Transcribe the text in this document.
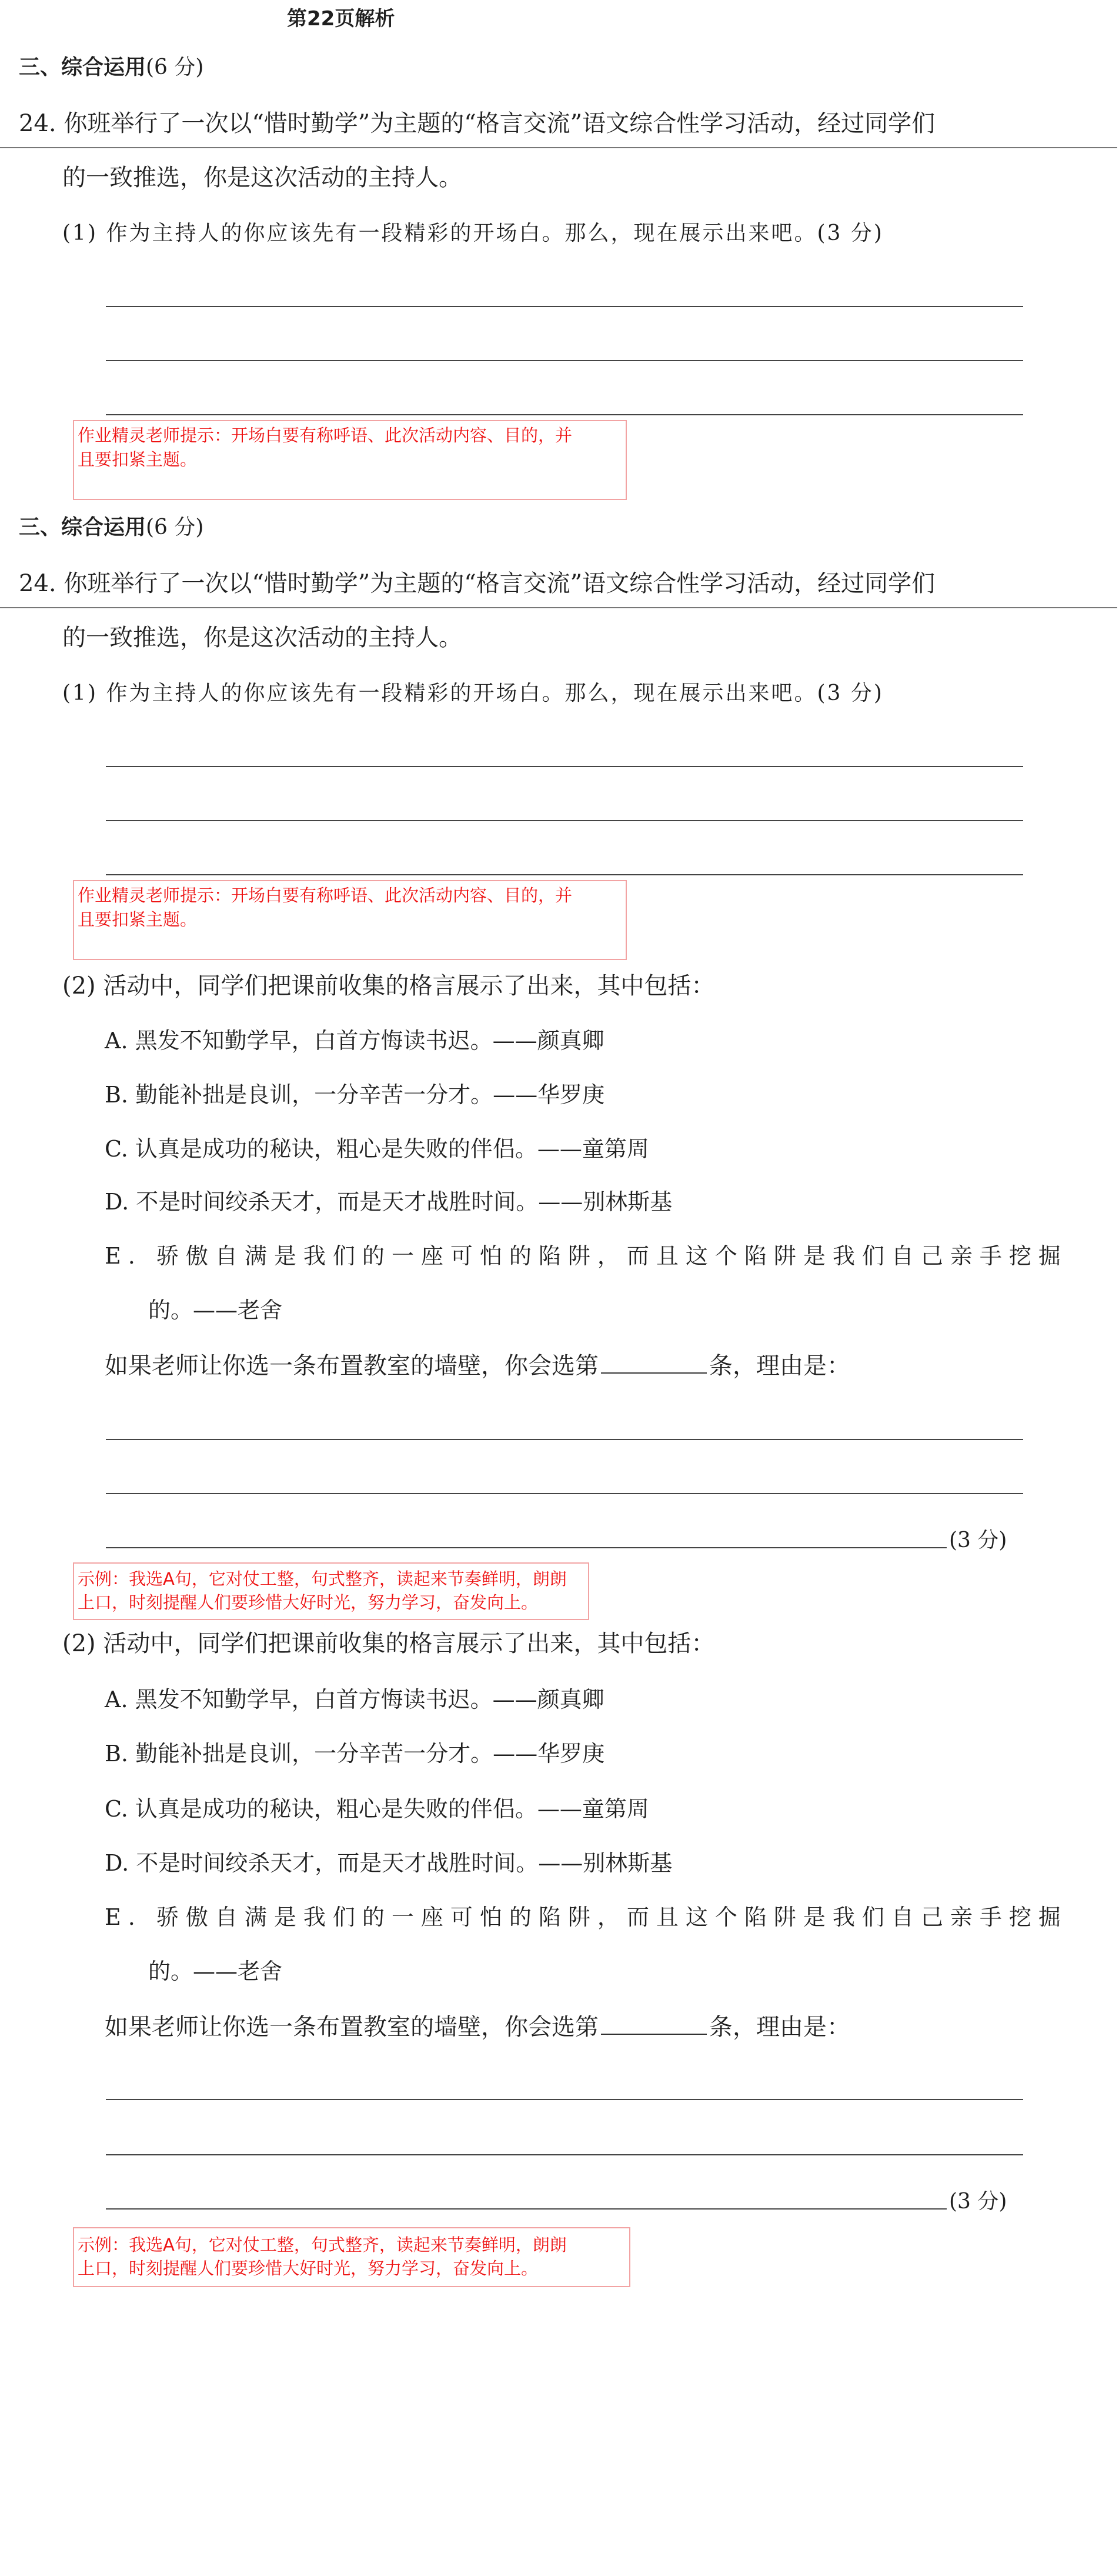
第22页解析
三、综合运用(6 分)
24. 你班举行了一次以“惜时勤学”为主题的“格言交流”语文综合性学习活动，经过同学们
的一致推选，你是这次活动的主持人。
(1) 作为主持人的你应该先有一段精彩的开场白。那么，现在展示出来吧。(3 分)
作业精灵老师提示：开场白要有称呼语、此次活动内容、目的，并
且要扣紧主题。
三、综合运用(6 分)
24. 你班举行了一次以“惜时勤学”为主题的“格言交流”语文综合性学习活动，经过同学们
的一致推选，你是这次活动的主持人。
(1) 作为主持人的你应该先有一段精彩的开场白。那么，现在展示出来吧。(3 分)
作业精灵老师提示：开场白要有称呼语、此次活动内容、目的，并
且要扣紧主题。
(2) 活动中，同学们把课前收集的格言展示了出来，其中包括：
A. 黑发不知勤学早，白首方悔读书迟。——颜真卿
B. 勤能补拙是良训，一分辛苦一分才。——华罗庚
C. 认真是成功的秘诀，粗心是失败的伴侣。——童第周
D. 不是时间绞杀天才，而是天才战胜时间。——别林斯基
E. 骄傲自满是我们的一座可怕的陷阱，而且这个陷阱是我们自己亲手挖掘
的。——老舍
如果老师让你选一条布置教室的墙壁，你会选第	条，理由是：
(3 分)
示例：我选A句，它对仗工整，句式整齐，读起来节奏鲜明，朗朗
上口，时刻提醒人们要珍惜大好时光，努力学习，奋发向上。
(2) 活动中，同学们把课前收集的格言展示了出来，其中包括：
A. 黑发不知勤学早，白首方悔读书迟。——颜真卿
B. 勤能补拙是良训，一分辛苦一分才。——华罗庚
C. 认真是成功的秘诀，粗心是失败的伴侣。——童第周
D. 不是时间绞杀天才，而是天才战胜时间。——别林斯基
E. 骄傲自满是我们的一座可怕的陷阱，而且这个陷阱是我们自己亲手挖掘
的。——老舍
如果老师让你选一条布置教室的墙壁，你会选第	条，理由是：
(3 分)
示例：我选A句，它对仗工整，句式整齐，读起来节奏鲜明，朗朗
上口，时刻提醒人们要珍惜大好时光，努力学习，奋发向上。
